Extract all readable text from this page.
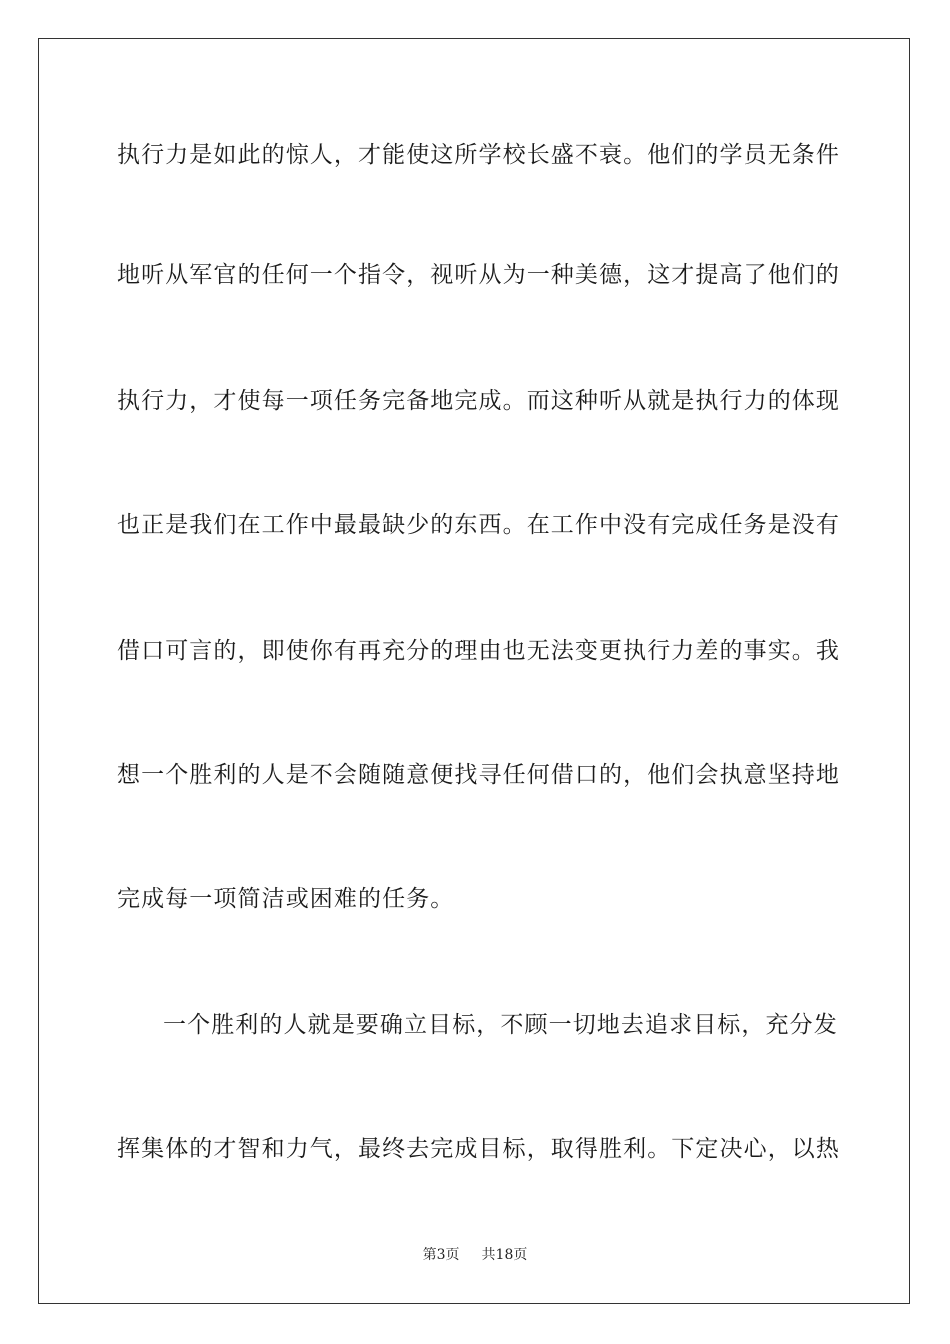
执行力是如此的惊人，才能使这所学校长盛不衰。他们的学员无条件
地听从军官的任何一个指令，视听从为一种美德，这才提高了他们的
执行力，才使每一项任务完备地完成。而这种听从就是执行力的体现
也正是我们在工作中最最缺少的东西。在工作中没有完成任务是没有
借口可言的，即使你有再充分的理由也无法变更执行力差的事实。我
想一个胜利的人是不会随随意便找寻任何借口的，他们会执意坚持地
完成每一项简洁或困难的任务。
一个胜利的人就是要确立目标，不顾一切地去追求目标，充分发
挥集体的才智和力气，最终去完成目标，取得胜利。下定决心，以热
第3页 共18页
